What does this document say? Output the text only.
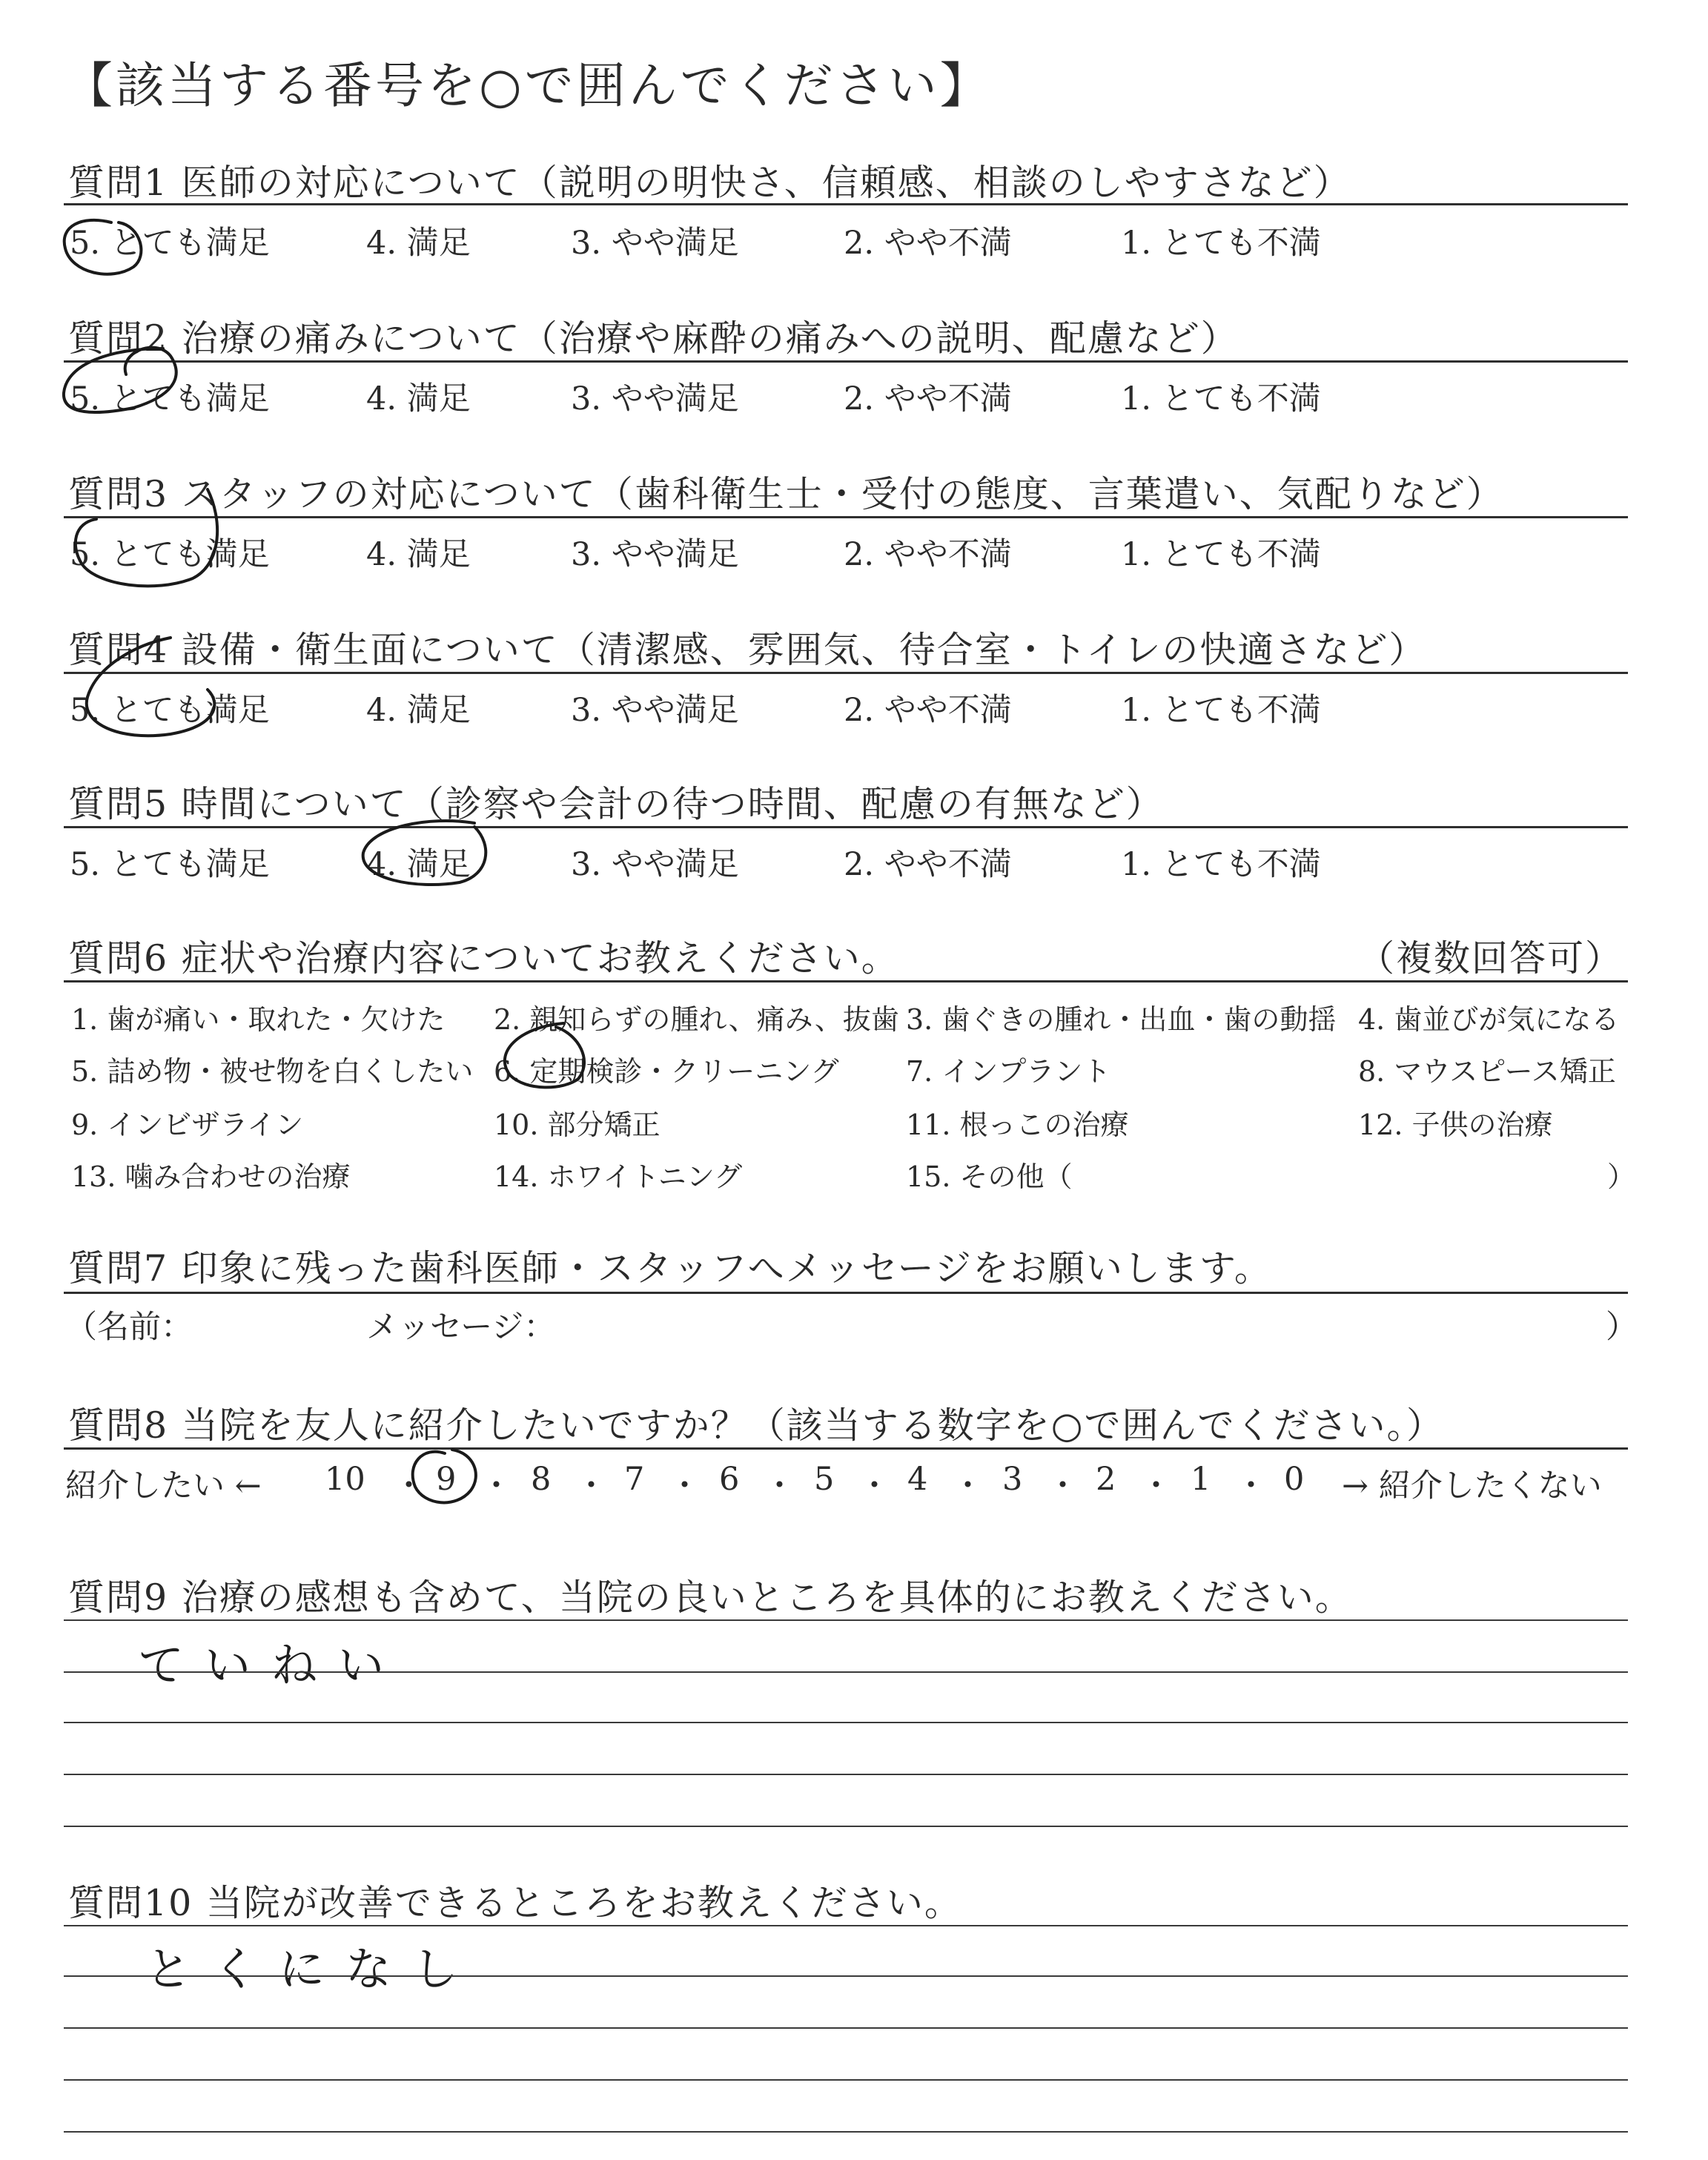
【該当する番号を○で囲んでください】
質問1 医師の対応について（説明の明快さ、信頼感、相談のしやすさなど）
5. とても満足	4. 満足	3. やや満足	2. やや不満	1. とても不満
質問2 治療の痛みについて（治療や麻酔の痛みへの説明、配慮など）
5. とても満足	4. 満足	3. やや満足	2. やや不満	1. とても不満
質問3 スタッフの対応について（歯科衛生士・受付の態度、言葉遣い、気配りなど）
5. とても満足	4. 満足	3. やや満足	2. やや不満	1. とても不満
質問4 設備・衛生面について（清潔感、雰囲気、待合室・トイレの快適さなど）
5. とても満足	4. 満足	3. やや満足	2. やや不満	1. とても不満
質問5 時間について（診察や会計の待つ時間、配慮の有無など）
5. とても満足	4. 満足	3. やや満足	2. やや不満	1. とても不満
質問6 症状や治療内容についてお教えください。	（複数回答可）
1. 歯が痛い・取れた・欠けた 2. 親知らずの腫れ、痛み、抜歯 3. 歯ぐきの腫れ・出血・歯の動揺 4. 歯並びが気になる
5. 詰め物・被せ物を白くしたい 6. 定期検診・クリーニング 7. インプラント	8. マウスピース矯正
9. インビザライン	10. 部分矯正	11. 根っこの治療	12. 子供の治療
13. 噛み合わせの治療	14. ホワイトニング	15. その他（	）
質問7 印象に残った歯科医師・スタッフへメッセージをお願いします。
（名前：	メッセージ：	）
質問8 当院を友人に紹介したいですか？（該当する数字を○で囲んでください。）
紹介したい ← 10 ・ 9 ・ 8 ・ 7 ・ 6 ・ 5 ・ 4 ・ 3 ・ 2 ・ 1 ・ 0 → 紹介したくない
質問9 治療の感想も含めて、当院の良いところを具体的にお教えください。
ていねい
質問10 当院が改善できるところをお教えください。
とくになし
